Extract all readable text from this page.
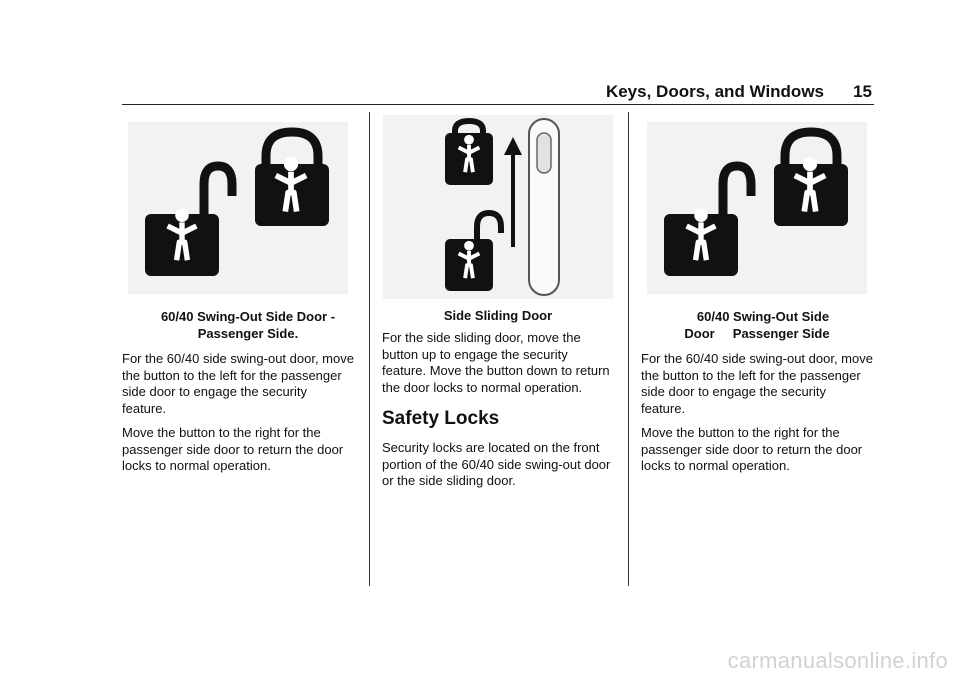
Keys, Doors, and Windows 15
60/40 Swing-Out Side Door - Passenger Side.

For the 60/40 side swing-out door, move the button to the left for the passenger side door to engage the security feature.

Move the button to the right for the passenger side door to return the door locks to normal operation.

Side Sliding Door

For the side sliding door, move the button up to engage the security feature. Move the button down to return the door locks to normal operation.

Safety Locks

Security locks are located on the front portion of the 60/40 side swing-out door or the side sliding door.

60/40 Swing-Out Side
Door     Passenger Side

For the 60/40 side swing-out door, move the button to the left for the passenger side door to engage the security feature.

Move the button to the right for the passenger side door to return the door locks to normal operation.

carmanualsonline.info
